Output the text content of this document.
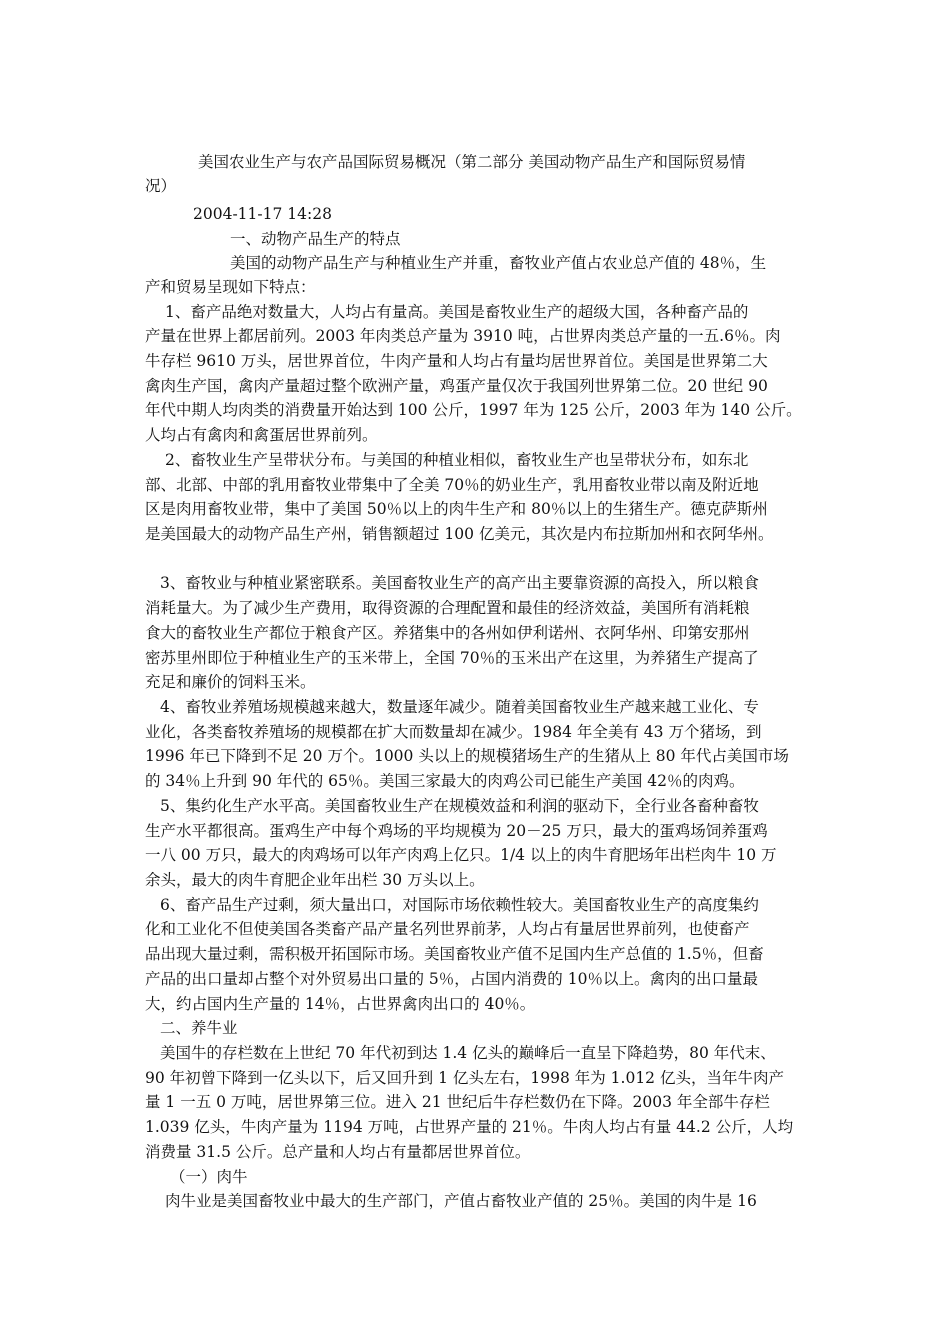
美国农业生产与农产品国际贸易概况（第二部分 美国动物产品生产和国际贸易情
况）
2004-11-17 14:28
一、动物产品生产的特点
美国的动物产品生产与种植业生产并重，畜牧业产值占农业总产值的 48％，生
产和贸易呈现如下特点：
1、畜产品绝对数量大，人均占有量高。美国是畜牧业生产的超级大国，各种畜产品的
产量在世界上都居前列。2003 年肉类总产量为 3910 吨，占世界肉类总产量的一五.6％。肉
牛存栏 9610 万头，居世界首位，牛肉产量和人均占有量均居世界首位。美国是世界第二大
禽肉生产国，禽肉产量超过整个欧洲产量，鸡蛋产量仅次于我国列世界第二位。20 世纪 90
年代中期人均肉类的消费量开始达到 100 公斤，1997 年为 125 公斤，2003 年为 140 公斤。
人均占有禽肉和禽蛋居世界前列。
2、畜牧业生产呈带状分布。与美国的种植业相似，畜牧业生产也呈带状分布，如东北
部、北部、中部的乳用畜牧业带集中了全美 70％的奶业生产，乳用畜牧业带以南及附近地
区是肉用畜牧业带，集中了美国 50％以上的肉牛生产和 80％以上的生猪生产。德克萨斯州
是美国最大的动物产品生产州，销售额超过 100 亿美元，其次是内布拉斯加州和衣阿华州。
3、畜牧业与种植业紧密联系。美国畜牧业生产的高产出主要靠资源的高投入，所以粮食
消耗量大。为了减少生产费用，取得资源的合理配置和最佳的经济效益，美国所有消耗粮
食大的畜牧业生产都位于粮食产区。养猪集中的各州如伊利诺州、衣阿华州、印第安那州
密苏里州即位于种植业生产的玉米带上，全国 70％的玉米出产在这里，为养猪生产提高了
充足和廉价的饲料玉米。
4、畜牧业养殖场规模越来越大，数量逐年减少。随着美国畜牧业生产越来越工业化、专
业化，各类畜牧养殖场的规模都在扩大而数量却在减少。1984 年全美有 43 万个猪场，到
1996 年已下降到不足 20 万个。1000 头以上的规模猪场生产的生猪从上 80 年代占美国市场
的 34％上升到 90 年代的 65％。美国三家最大的肉鸡公司已能生产美国 42％的肉鸡。
5、集约化生产水平高。美国畜牧业生产在规模效益和利润的驱动下，全行业各畜种畜牧
生产水平都很高。蛋鸡生产中每个鸡场的平均规模为 20－25 万只，最大的蛋鸡场饲养蛋鸡
一八 00 万只，最大的肉鸡场可以年产肉鸡上亿只。1/4 以上的肉牛育肥场年出栏肉牛 10 万
余头，最大的肉牛育肥企业年出栏 30 万头以上。
6、畜产品生产过剩，须大量出口，对国际市场依赖性较大。美国畜牧业生产的高度集约
化和工业化不但使美国各类畜产品产量名列世界前茅，人均占有量居世界前列，也使畜产
品出现大量过剩，需积极开拓国际市场。美国畜牧业产值不足国内生产总值的 1.5％，但畜
产品的出口量却占整个对外贸易出口量的 5％，占国内消费的 10％以上。禽肉的出口量最
大，约占国内生产量的 14％，占世界禽肉出口的 40％。
二、养牛业
美国牛的存栏数在上世纪 70 年代初到达 1.4 亿头的巅峰后一直呈下降趋势，80 年代末、
90 年初曾下降到一亿头以下，后又回升到 1 亿头左右，1998 年为 1.012 亿头，当年牛肉产
量 1 一五 0 万吨，居世界第三位。进入 21 世纪后牛存栏数仍在下降。2003 年全部牛存栏
1.039 亿头，牛肉产量为 1194 万吨，占世界产量的 21％。牛肉人均占有量 44.2 公斤，人均
消费量 31.5 公斤。总产量和人均占有量都居世界首位。
（一）肉牛
肉牛业是美国畜牧业中最大的生产部门，产值占畜牧业产值的 25％。美国的肉牛是 16
